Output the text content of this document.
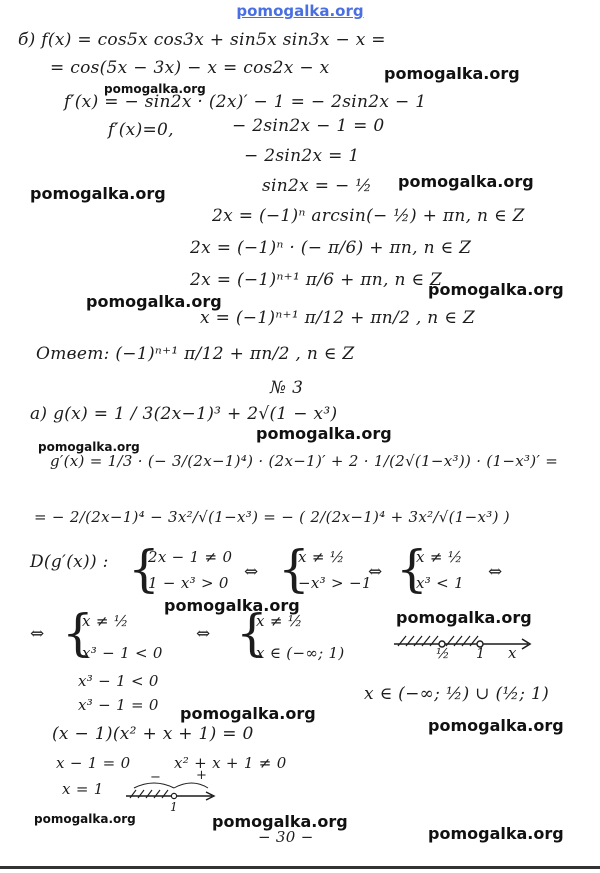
pomogalka.org
б) f(x) = cos5x cos3x + sin5x sin3x − x =
= cos(5x − 3x) − x = cos2x − x
f′(x) = − sin2x · (2x)′ − 1 = − 2sin2x − 1
f′(x)=0,	− 2sin2x − 1 = 0
− 2sin2x = 1
sin2x = − ½
2x = (−1)ⁿ arcsin(− ½) + πn, n ∈ Z
2x = (−1)ⁿ · (− π/6) + πn, n ∈ Z
2x = (−1)ⁿ⁺¹ π/6 + πn, n ∈ Z
x = (−1)ⁿ⁺¹ π/12 + πn/2 , n ∈ Z
Ответ: (−1)ⁿ⁺¹ π/12 + πn/2 , n ∈ Z
№ 3
а) g(x) = 1 / 3(2x−1)³ + 2√(1 − x³)
g′(x) = 1/3 · (− 3/(2x−1)⁴) · (2x−1)′ + 2 · 1/(2√(1−x³)) · (1−x³)′ =
= − 2/(2x−1)⁴ − 3x²/√(1−x³) = − ( 2/(2x−1)⁴ + 3x²/√(1−x³) )
D(g′(x)) : {
2x − 1 ≠ 0
1 − x³ > 0
⇔ {
x ≠ ½
−x³ > −1
⇔ {
x ≠ ½
x³ < 1
⇔
⇔ {
x ≠ ½
x³ − 1 < 0
⇔ {
x ≠ ½
x ∈ (−∞; 1)	½ 1 x
x ∈ (−∞; ½) ∪ (½; 1)
x³ − 1 < 0
x³ − 1 = 0
(x − 1)(x² + x + 1) = 0
x − 1 = 0	x² + x + 1 ≠ 0
x = 1
−	+
1
− 30 −
pomogalka.org
pomogalka.org
pomogalka.org
pomogalka.org
pomogalka.org
pomogalka.org
pomogalka.org
pomogalka.org
pomogalka.org
pomogalka.org
pomogalka.org
pomogalka.org
pomogalka.org	pomogalka.org
pomogalka.org
